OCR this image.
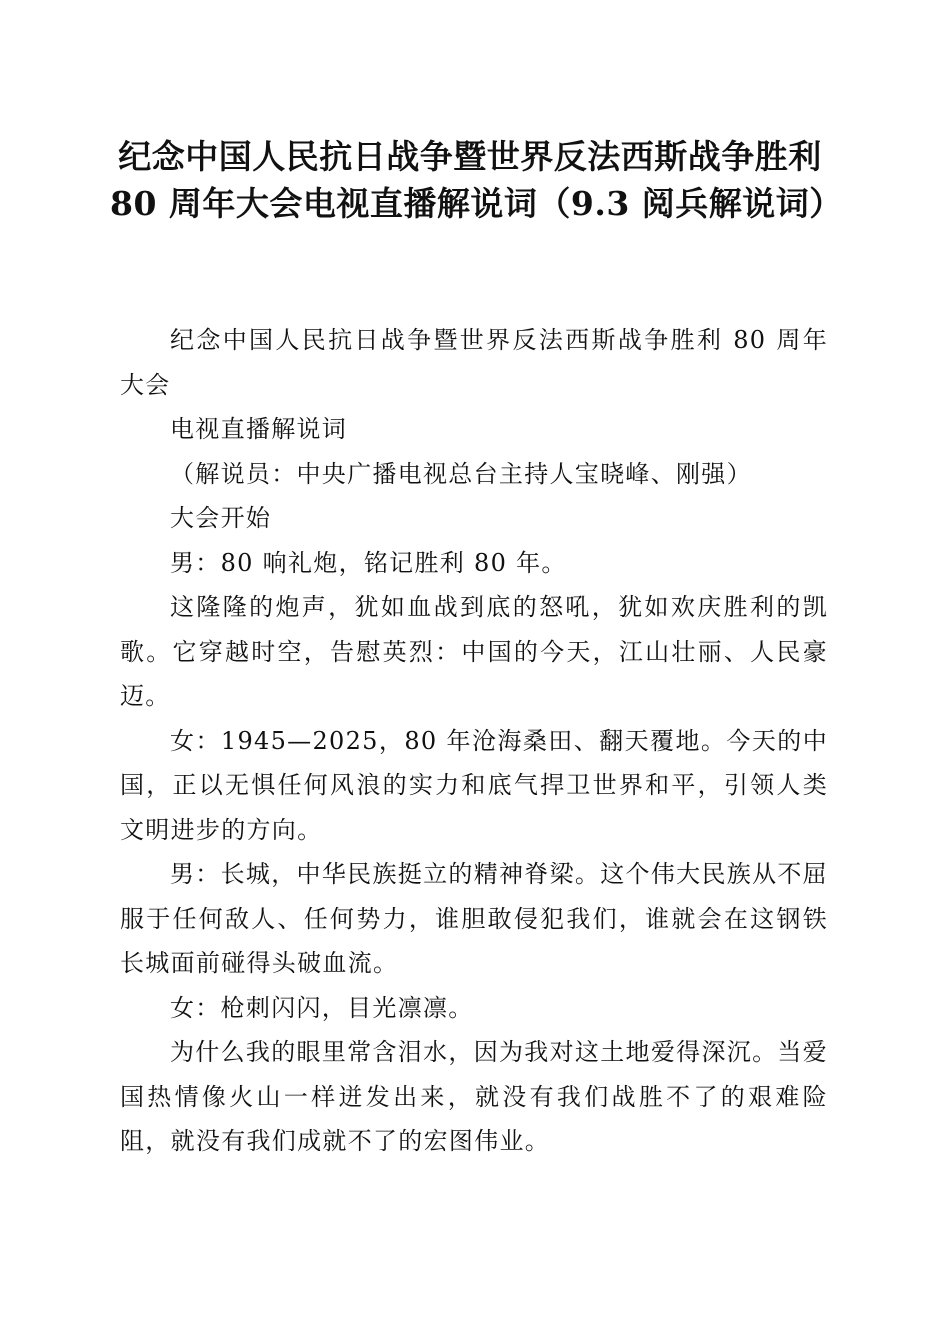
纪念中国人民抗日战争暨世界反法西斯战争胜利 80 周年大会电视直播解说词（9.3 阅兵解说词）

纪念中国人民抗日战争暨世界反法西斯战争胜利 80 周年大会

电视直播解说词

（解说员：中央广播电视总台主持人宝晓峰、刚强）

大会开始

男：80 响礼炮，铭记胜利 80 年。

这隆隆的炮声，犹如血战到底的怒吼，犹如欢庆胜利的凯歌。它穿越时空，告慰英烈：中国的今天，江山壮丽、人民豪迈。

女：1945—2025，80 年沧海桑田、翻天覆地。今天的中国，正以无惧任何风浪的实力和底气捍卫世界和平，引领人类文明进步的方向。

男：长城，中华民族挺立的精神脊梁。这个伟大民族从不屈服于任何敌人、任何势力，谁胆敢侵犯我们，谁就会在这钢铁长城面前碰得头破血流。

女：枪刺闪闪，目光凛凛。

为什么我的眼里常含泪水，因为我对这土地爱得深沉。当爱国热情像火山一样迸发出来，就没有我们战胜不了的艰难险阻，就没有我们成就不了的宏图伟业。
